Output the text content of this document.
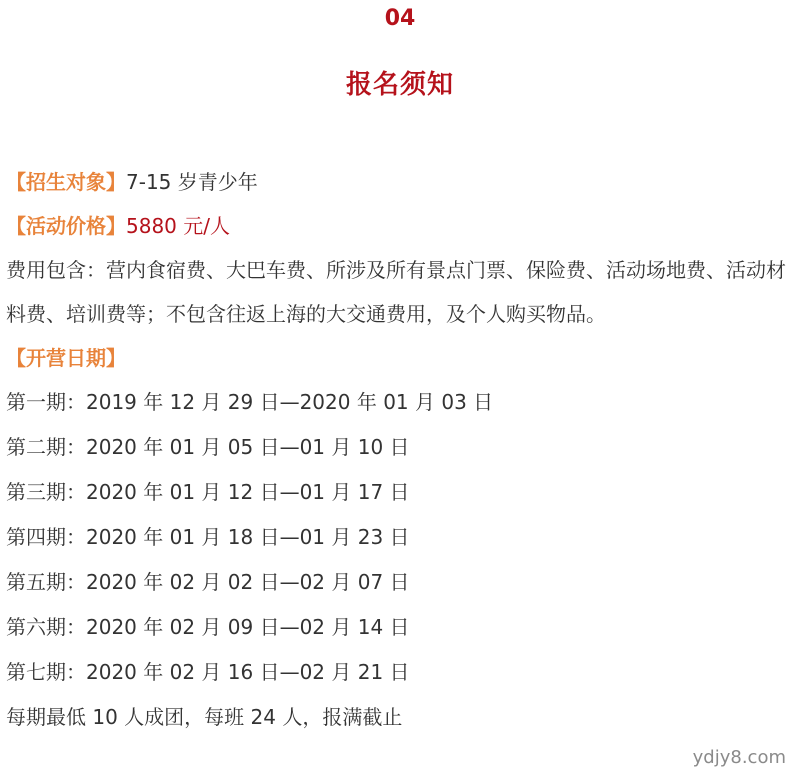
04
报名须知
【招生对象】7-15 岁青少年
【活动价格】5880 元/人

费用包含：营内食宿费、大巴车费、所涉及所有景点门票、保险费、活动场地费、活动材料费、培训费等；不包含往返上海的大交通费用，及个人购买物品。

【开营日期】
第一期：2019 年 12 月 29 日—2020 年 01 月 03 日
第二期：2020 年 01 月 05 日—01 月 10 日
第三期：2020 年 01 月 12 日—01 月 17 日
第四期：2020 年 01 月 18 日—01 月 23 日
第五期：2020 年 02 月 02 日—02 月 07 日
第六期：2020 年 02 月 09 日—02 月 14 日
第七期：2020 年 02 月 16 日—02 月 21 日
每期最低 10 人成团，每班 24 人，报满截止
ydjy8.com
